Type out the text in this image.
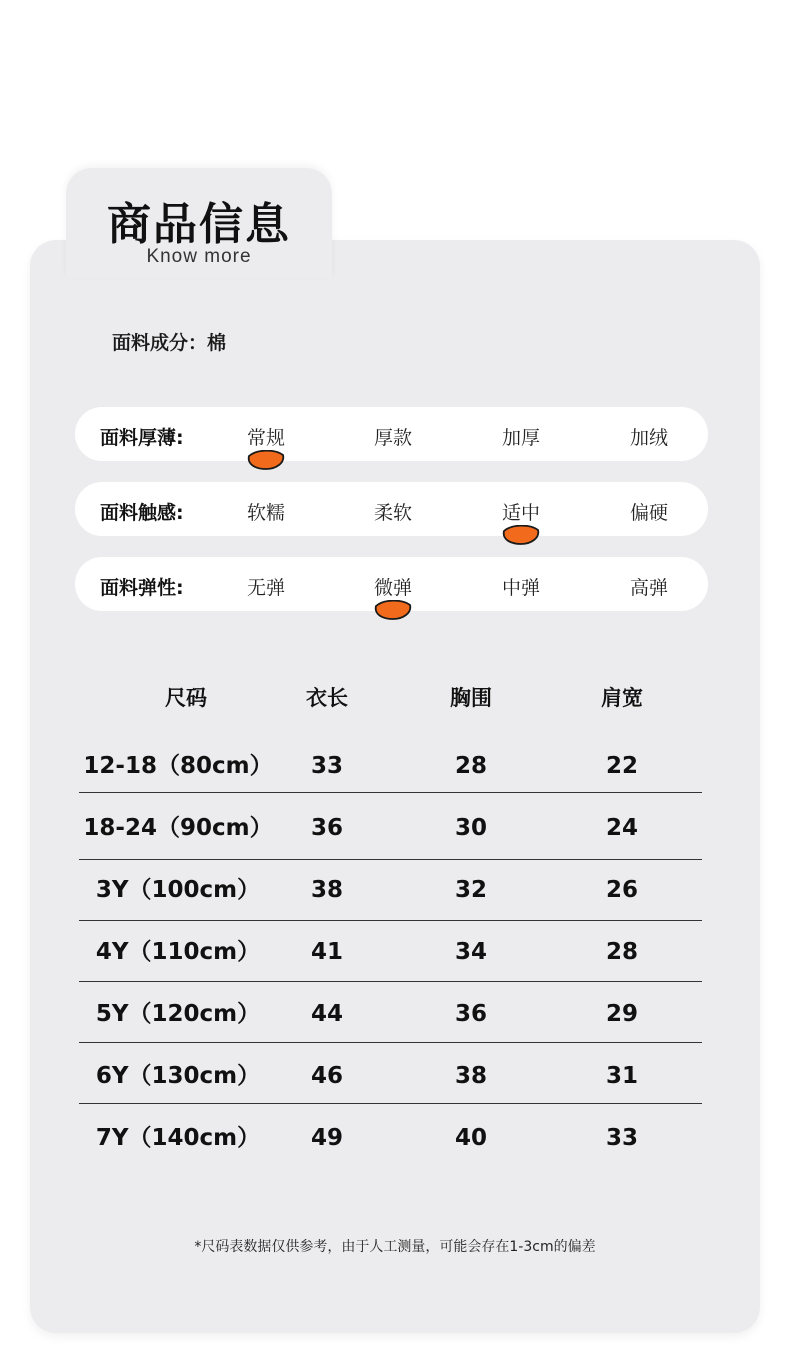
商品信息
Know more
面料成分：棉
面料厚薄:	常规	厚款	加厚	加绒
面料触感:	软糯	柔软	适中	偏硬
面料弹性:	无弹	微弹	中弹	高弹
尺码	衣长	胸围	肩宽
12-18（80cm）	33	28	22
18-24（90cm）	36	30	24
3Y（100cm）	38	32	26
4Y（110cm）	41	34	28
5Y（120cm）	44	36	29
6Y（130cm）	46	38	31
7Y（140cm）	49	40	33
*尺码表数据仅供参考，由于人工测量，可能会存在1-3cm的偏差
